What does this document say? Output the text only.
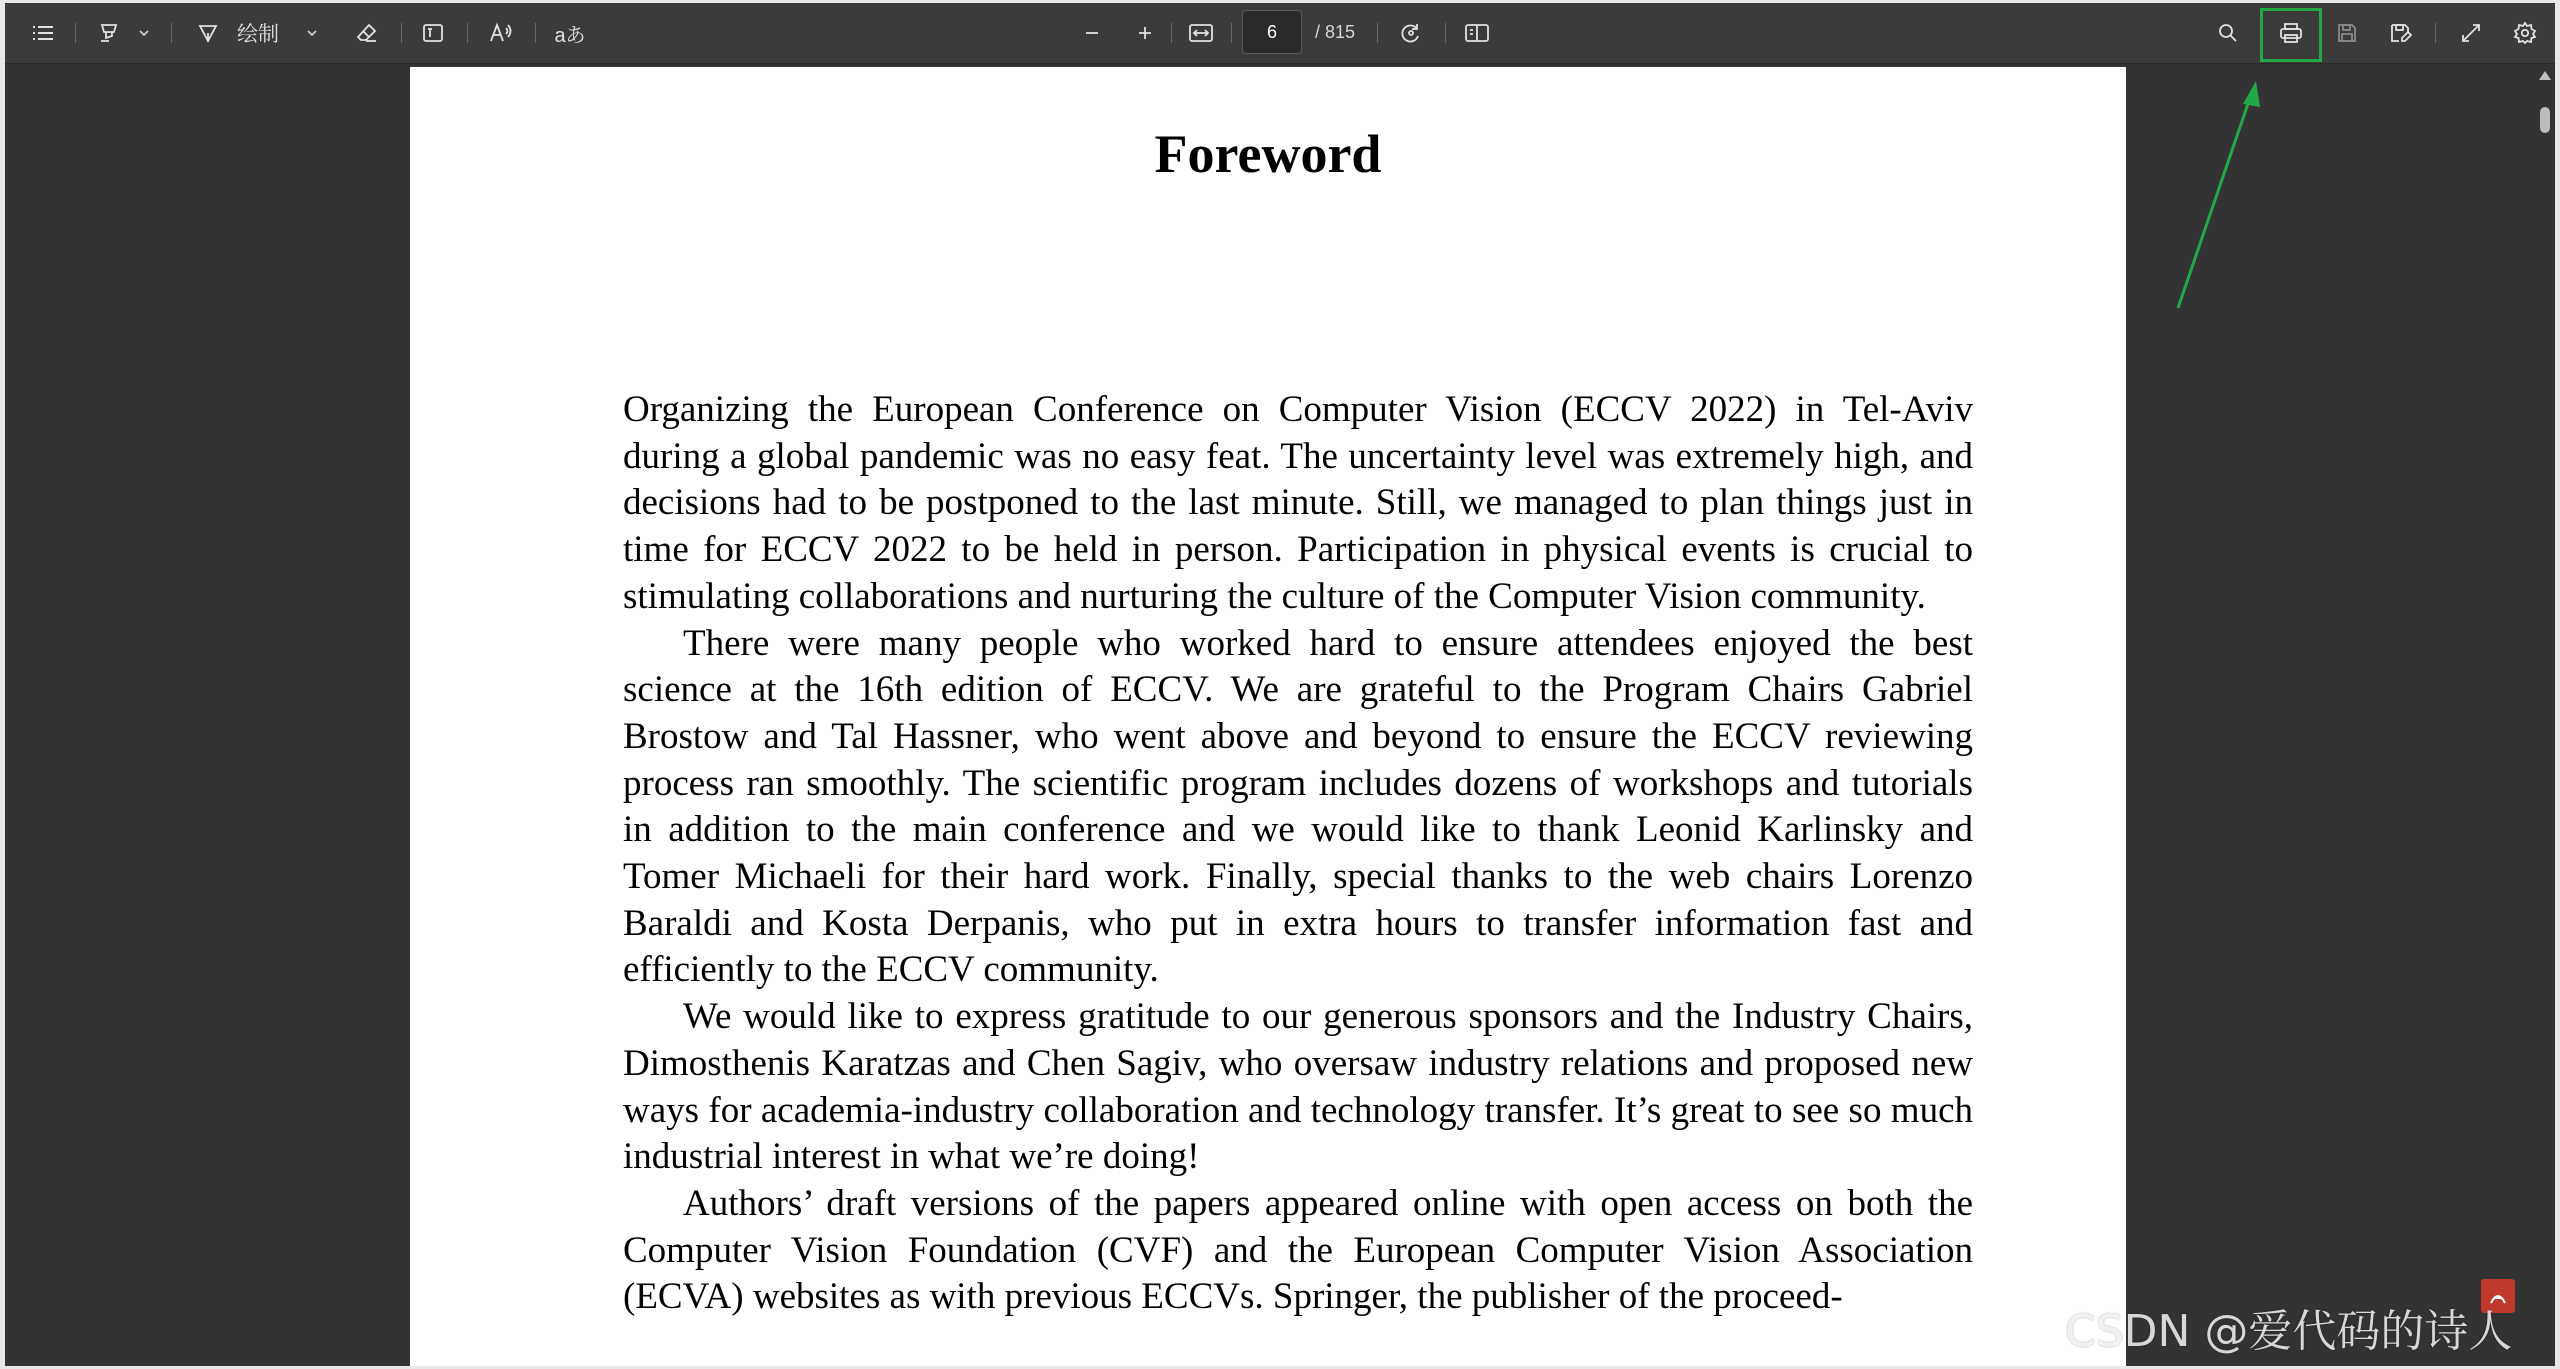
绘制	aあ	6	/ 815
Foreword

Organizing the European Conference on Computer Vision (ECCV 2022) in Tel-Aviv during a global pandemic was no easy feat. The uncertainty level was extremely high, and decisions had to be postponed to the last minute. Still, we managed to plan things just in time for ECCV 2022 to be held in person. Participation in physical events is crucial to stimulating collaborations and nurturing the culture of the Computer Vision community.

There were many people who worked hard to ensure attendees enjoyed the best science at the 16th edition of ECCV. We are grateful to the Program Chairs Gabriel Brostow and Tal Hassner, who went above and beyond to ensure the ECCV reviewing process ran smoothly. The scientific program includes dozens of workshops and tutorials in addition to the main conference and we would like to thank Leonid Karlinsky and Tomer Michaeli for their hard work. Finally, special thanks to the web chairs Lorenzo Baraldi and Kosta Derpanis, who put in extra hours to transfer information fast and efficiently to the ECCV community.

We would like to express gratitude to our generous sponsors and the Industry Chairs, Dimosthenis Karatzas and Chen Sagiv, who oversaw industry relations and proposed new ways for academia-industry collaboration and technology transfer. It’s great to see so much industrial interest in what we’re doing!

Authors’ draft versions of the papers appeared online with open access on both the Computer Vision Foundation (CVF) and the European Computer Vision Association (ECVA) websites as with previous ECCVs. Springer, the publisher of the proceed-

CSDN @爱代码的诗人
